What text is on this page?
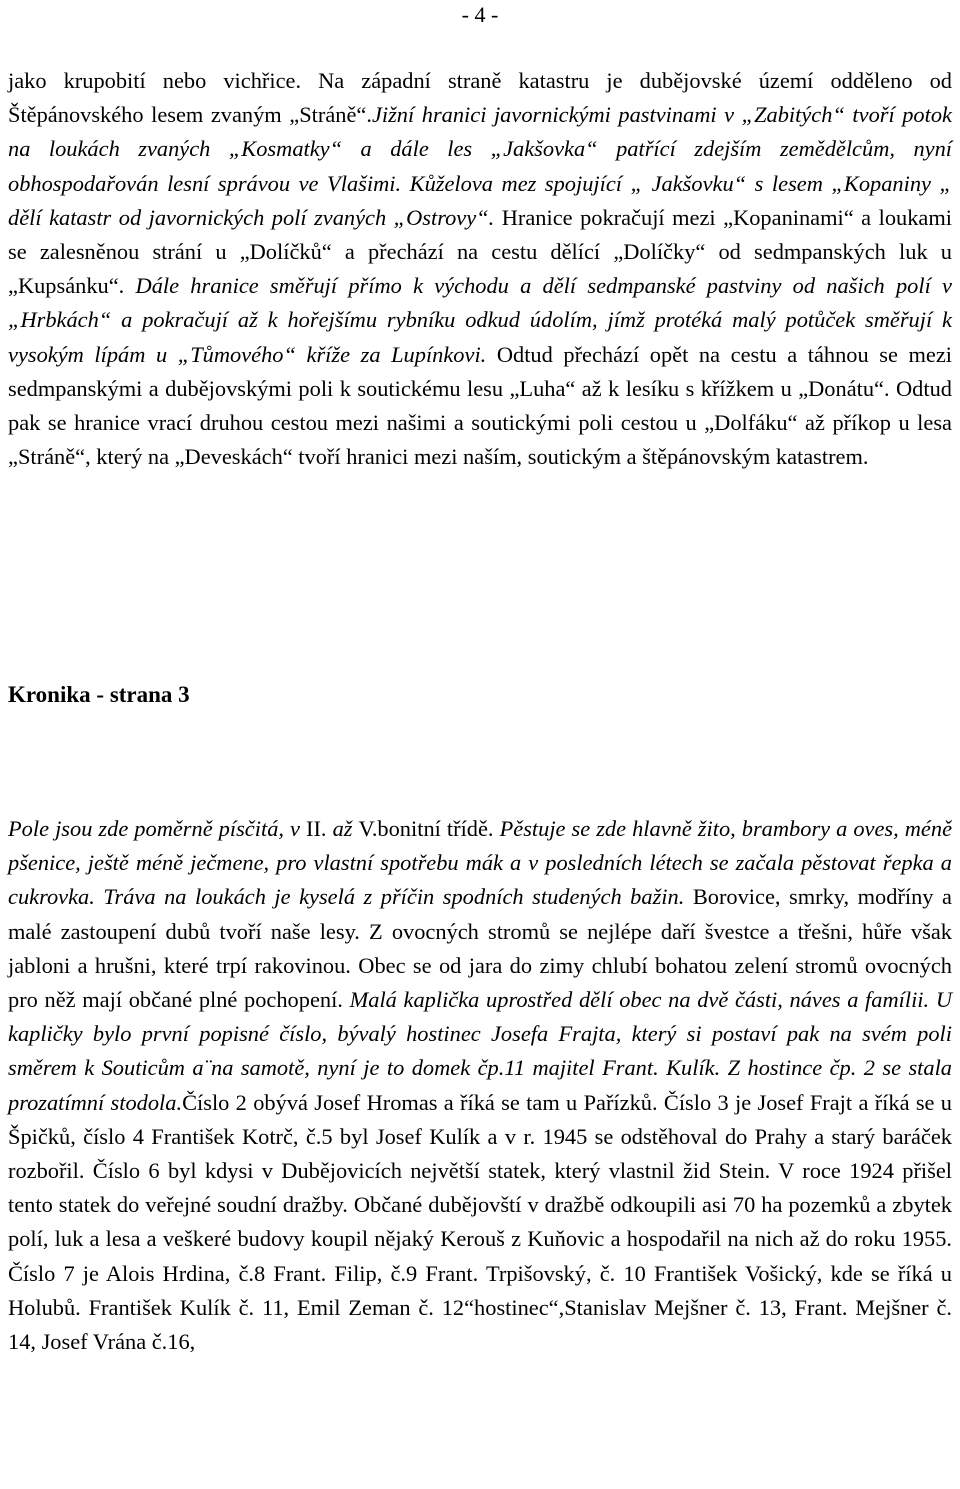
- 4 -

jako krupobití nebo vichřice. Na západní straně katastru je dubějovské území odděleno od Štěpánovského lesem zvaným „Stráně“.Jižní hranici javornickými pastvinami v „Zabitých“ tvoří potok na loukách zvaných „Kosmatky“ a dále les „Jakšovka“ patřící zdejším zemědělcům, nyní obhospodařován lesní správou ve Vlašimi. Kůželova mez spojující „ Jakšovku“ s lesem „Kopaniny „ dělí katastr od javornických polí zvaných „Ostrovy“. Hranice pokračují mezi „Kopaninami“ a loukami se zalesněnou strání u „Dolíčků“ a přechází na cestu dělící „Dolíčky“ od sedmpanských luk u „Kupsánku“. Dále hranice směřují přímo k východu a dělí sedmpanské pastviny od našich polí v „Hrbkách“ a pokračují až k hořejšímu rybníku odkud údolím, jímž protéká malý potůček směřují k vysokým lípám u „Tůmového“ kříže za Lupínkovi. Odtud přechází opět na cestu a táhnou se mezi sedmpanskými a dubějovskými poli k soutickému lesu „Luha“ až k lesíku s křížkem u „Donátu“. Odtud pak se hranice vrací druhou cestou mezi našimi a soutickými poli cestou u „Dolfáku“ až příkop u lesa „Stráně“, který na „Deveskách“ tvoří hranici mezi naším, soutickým a štěpánovským katastrem.

Kronika - strana 3

Pole jsou zde poměrně písčitá, v II. až V.bonitní třídě. Pěstuje se zde hlavně žito, brambory a oves, méně pšenice, ještě méně ječmene, pro vlastní spotřebu mák a v posledních létech se začala pěstovat řepka a cukrovka. Tráva na loukách je kyselá z příčin spodních studených bažin. Borovice, smrky, modříny a malé zastoupení dubů tvoří naše lesy. Z ovocných stromů se nejlépe daří švestce a třešni, hůře však jabloni a hrušni, které trpí rakovinou. Obec se od jara do zimy chlubí bohatou zelení stromů ovocných pro něž mají občané plné pochopení. Malá kaplička uprostřed dělí obec na dvě části, náves a famílii. U kapličky bylo první popisné číslo, bývalý hostinec Josefa Frajta, který si postaví pak na svém poli směrem k Souticům a¨na samotě, nyní je to domek čp.11 majitel Frant. Kulík. Z hostince čp. 2 se stala prozatímní stodola.Číslo 2 obývá Josef Hromas a říká se tam u Pařízků. Číslo 3 je Josef Frajt a říká se u Špičků, číslo 4 František Kotrč, č.5 byl Josef Kulík a v r. 1945 se odstěhoval do Prahy a starý baráček rozbořil. Číslo 6 byl kdysi v Dubějovicích největší statek, který vlastnil žid Stein. V roce 1924 přišel tento statek do veřejné soudní dražby. Občané dubějovští v dražbě odkoupili asi 70 ha pozemků a zbytek polí, luk a lesa a veškeré budovy koupil nějaký Kerouš z Kuňovic a hospodařil na nich až do roku 1955. Číslo 7 je Alois Hrdina, č.8 Frant. Filip, č.9 Frant. Trpišovský, č. 10 František Vošický, kde se říká u Holubů. František Kulík č. 11, Emil Zeman č. 12“hostinec“,Stanislav Mejšner č. 13, Frant. Mejšner č. 14, Josef Vrána č.16,
